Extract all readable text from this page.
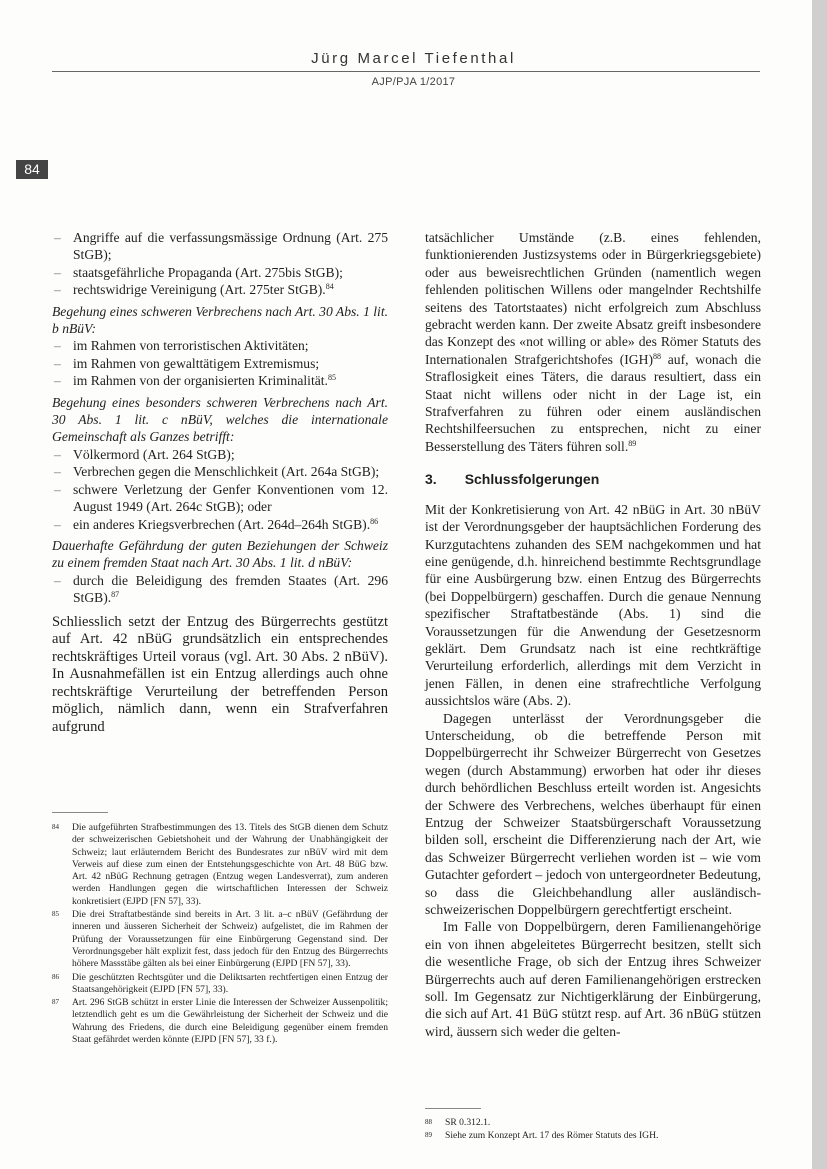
Jürg Marcel Tiefenthal
AJP/PJA 1/2017
84
– Angriffe auf die verfassungsmässige Ordnung (Art. 275 StGB);
– staatsgefährliche Propaganda (Art. 275bis StGB);
– rechtswidrige Vereinigung (Art. 275ter StGB).$^{84}$

Begehung eines schweren Verbrechens nach Art. 30 Abs. 1 lit. b nBüV:

– im Rahmen von terroristischen Aktivitäten;
– im Rahmen von gewalttätigem Extremismus;
– im Rahmen von der organisierten Kriminalität.$^{85}$

Begehung eines besonders schweren Verbrechens nach Art. 30 Abs. 1 lit. c nBüV, welches die internationale Gemeinschaft als Ganzes betrifft:

– Völkermord (Art. 264 StGB);
– Verbrechen gegen die Menschlichkeit (Art. 264a StGB);
– schwere Verletzung der Genfer Konventionen vom 12. August 1949 (Art. 264c StGB); oder
– ein anderes Kriegsverbrechen (Art. 264d–264h StGB).$^{86}$

Dauerhafte Gefährdung der guten Beziehungen der Schweiz zu einem fremden Staat nach Art. 30 Abs. 1 lit. d nBüV:

– durch die Beleidigung des fremden Staates (Art. 296 StGB).$^{87}$

Schliesslich setzt der Entzug des Bürgerrechts gestützt auf Art. 42 nBüG grundsätzlich ein entsprechendes rechtskräftiges Urteil voraus (vgl. Art. 30 Abs. 2 nBüV). In Ausnahmefällen ist ein Entzug allerdings auch ohne rechtskräftige Verurteilung der betreffenden Person möglich, nämlich dann, wenn ein Strafverfahren aufgrund

84 Die aufgeführten Strafbestimmungen des 13. Titels des StGB dienen dem Schutz der schweizerischen Gebietshoheit und der Wahrung der Unabhängigkeit der Schweiz; laut erläuterndem Bericht des Bundesrates zur nBüV wird mit dem Verweis auf diese zum einen der Entstehungsgeschichte von Art. 48 BüG bzw. Art. 42 nBüG Rechnung getragen (Entzug wegen Landesverrat), zum anderen werden Handlungen gegen die wirtschaftlichen Interessen der Schweiz konkretisiert (EJPD [FN 57], 33).
85 Die drei Straftatbestände sind bereits in Art. 3 lit. a–c nBüV (Gefährdung der inneren und äusseren Sicherheit der Schweiz) aufgelistet, die im Rahmen der Prüfung der Voraussetzungen für eine Einbürgerung Gegenstand sind. Der Verordnungsgeber hält explizit fest, dass jedoch für den Entzug des Bürgerrechts höhere Massstäbe gälten als bei einer Einbürgerung (EJPD [FN 57], 33).
86 Die geschützten Rechtsgüter und die Deliktsarten rechtfertigen einen Entzug der Staatsangehörigkeit (EJPD [FN 57], 33).
87 Art. 296 StGB schützt in erster Linie die Interessen der Schweizer Aussenpolitik; letztendlich geht es um die Gewährleistung der Sicherheit der Schweiz und die Wahrung des Friedens, die durch eine Beleidigung gegenüber einem fremden Staat gefährdet werden könnte (EJPD [FN 57], 33 f.).

tatsächlicher Umstände (z.B. eines fehlenden, funktionierenden Justizsystems oder in Bürgerkriegsgebiete) oder aus beweisrechtlichen Gründen (namentlich wegen fehlenden politischen Willens oder mangelnder Rechtshilfe seitens des Tatortstaates) nicht erfolgreich zum Abschluss gebracht werden kann. Der zweite Absatz greift insbesondere das Konzept des «not willing or able» des Römer Statuts des Internationalen Strafgerichtshofes (IGH)$^{88}$ auf, wonach die Straflosigkeit eines Täters, die daraus resultiert, dass ein Staat nicht willens oder nicht in der Lage ist, ein Strafverfahren zu führen oder einem ausländischen Rechtshilfeersuchen zu entsprechen, nicht zu einer Besserstellung des Täters führen soll.$^{89}$

3. Schlussfolgerungen

Mit der Konkretisierung von Art. 42 nBüG in Art. 30 nBüV ist der Verordnungsgeber der hauptsächlichen Forderung des Kurzgutachtens zuhanden des SEM nachgekommen und hat eine genügende, d.h. hinreichend bestimmte Rechtsgrundlage für eine Ausbürgerung bzw. einen Entzug des Bürgerrechts (bei Doppelbürgern) geschaffen. Durch die genaue Nennung spezifischer Straftatbestände (Abs. 1) sind die Voraussetzungen für die Anwendung der Gesetzesnorm geklärt. Dem Grundsatz nach ist eine rechtkräftige Verurteilung erforderlich, allerdings mit dem Verzicht in jenen Fällen, in denen eine strafrechtliche Verfolgung aussichtslos wäre (Abs. 2).

Dagegen unterlässt der Verordnungsgeber die Unterscheidung, ob die betreffende Person mit Doppelbürgerrecht ihr Schweizer Bürgerrecht von Gesetzes wegen (durch Abstammung) erworben hat oder ihr dieses durch behördlichen Beschluss erteilt worden ist. Angesichts der Schwere des Verbrechens, welches überhaupt für einen Entzug der Schweizer Staatsbürgerschaft Voraussetzung bilden soll, erscheint die Differenzierung nach der Art, wie das Schweizer Bürgerrecht verliehen worden ist – wie vom Gutachter gefordert – jedoch von untergeordneter Bedeutung, so dass die Gleichbehandlung aller ausländisch-schweizerischen Doppelbürgern gerechtfertigt erscheint.

Im Falle von Doppelbürgern, deren Familienangehörige ein von ihnen abgeleitetes Bürgerrecht besitzen, stellt sich die wesentliche Frage, ob sich der Entzug ihres Schweizer Bürgerrechts auch auf deren Familienangehörigen erstrecken soll. Im Gegensatz zur Nichtigerklärung der Einbürgerung, die sich auf Art. 41 BüG stützt resp. auf Art. 36 nBüG stützen wird, äussern sich weder die gelten-

88 SR 0.312.1.
89 Siehe zum Konzept Art. 17 des Römer Statuts des IGH.
